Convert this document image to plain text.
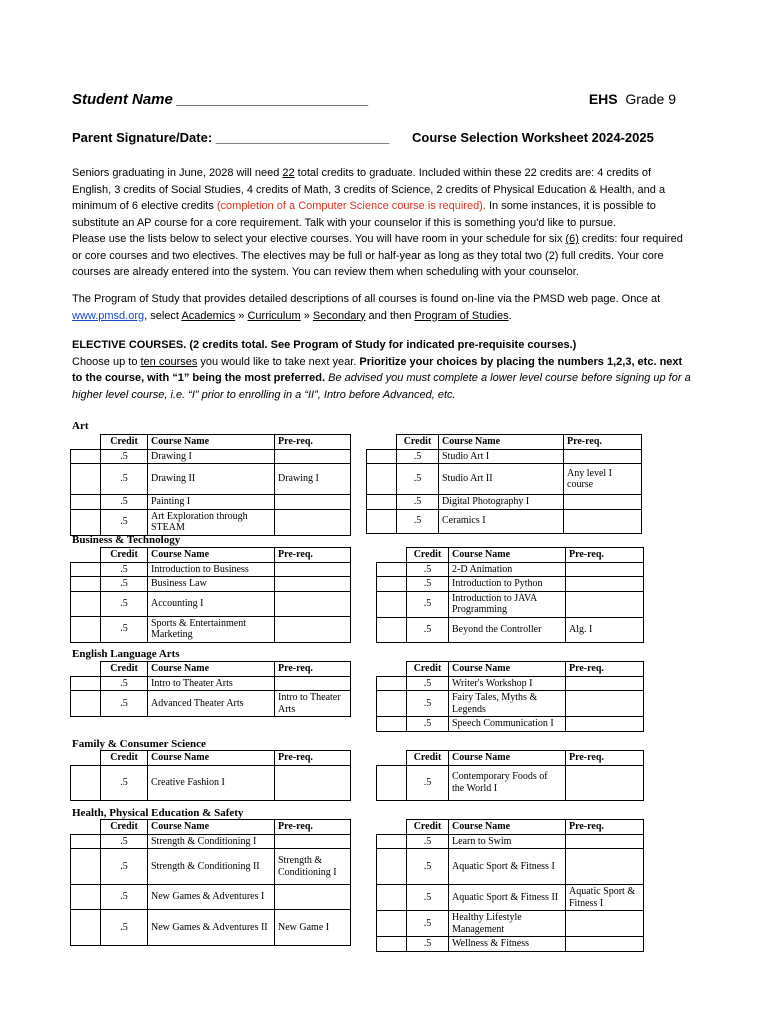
Student Name _______________________	EHS Grade 9
Parent Signature/Date: ________________________ Course Selection Worksheet 2024-2025
Seniors graduating in June, 2028 will need 22 total credits to graduate. Included within these 22 credits are: 4 credits of English, 3 credits of Social Studies, 4 credits of Math, 3 credits of Science, 2 credits of Physical Education & Health, and a minimum of 6 elective credits (completion of a Computer Science course is required). In some instances, it is possible to substitute an AP course for a core requirement. Talk with your counselor if this is something you'd like to pursue.
Please use the lists below to select your elective courses. You will have room in your schedule for six (6) credits: four required or core courses and two electives. The electives may be full or half-year as long as they total two (2) full credits. Your core courses are already entered into the system. You can review them when scheduling with your counselor.
The Program of Study that provides detailed descriptions of all courses is found on-line via the PMSD web page. Once at www.pmsd.org, select Academics » Curriculum » Secondary and then Program of Studies.
ELECTIVE COURSES. (2 credits total. See Program of Study for indicated pre-requisite courses.)
Choose up to ten courses you would like to take next year. Prioritize your choices by placing the numbers 1,2,3, etc. next to the course, with “1” being the most preferred. Be advised you must complete a lower level course before signing up for a higher level course, i.e. “I” prior to enrolling in a “II”, Intro before Advanced, etc.
Art
Business & Technology
English Language Arts
Family & Consumer Science
Health, Physical Education & Safety
	Credit	Course Name	Pre-req.
	.5	Drawing I	
	.5	Drawing II	Drawing I
	.5	Painting I	
	.5	Art Exploration through STEAM	
	Credit	Course Name	Pre-req.
	.5	Studio Art I	
	.5	Studio Art II	Any level I course
	.5	Digital Photography I	
	.5	Ceramics I	
	Credit	Course Name	Pre-req.
	.5	Introduction to Business	
	.5	Business Law	
	.5	Accounting I	
	.5	Sports & Entertainment Marketing	
	Credit	Course Name	Pre-req.
	.5	2-D Animation	
	.5	Introduction to Python	
	.5	Introduction to JAVA Programming	
	.5	Beyond the Controller	Alg. I
	Credit	Course Name	Pre-req.
	.5	Intro to Theater Arts	
	.5	Advanced Theater Arts	Intro to Theater Arts
	Credit	Course Name	Pre-req.
	.5	Writer's Workshop I	
	.5	Fairy Tales, Myths & Legends	
	.5	Speech Communication I	
	Credit	Course Name	Pre-req.
	.5	Creative Fashion I	
	Credit	Course Name	Pre-req.
	.5	Contemporary Foods of the World I	
	Credit	Course Name	Pre-req.
	.5	Strength & Conditioning I	
	.5	Strength & Conditioning II	Strength & Conditioning I
	.5	New Games & Adventures I	
	.5	New Games & Adventures II	New Game I
	Credit	Course Name	Pre-req.
	.5	Learn to Swim	
	.5	Aquatic Sport & Fitness I	
	.5	Aquatic Sport & Fitness II	Aquatic Sport & Fitness I
	.5	Healthy Lifestyle Management	
	.5	Wellness & Fitness	
